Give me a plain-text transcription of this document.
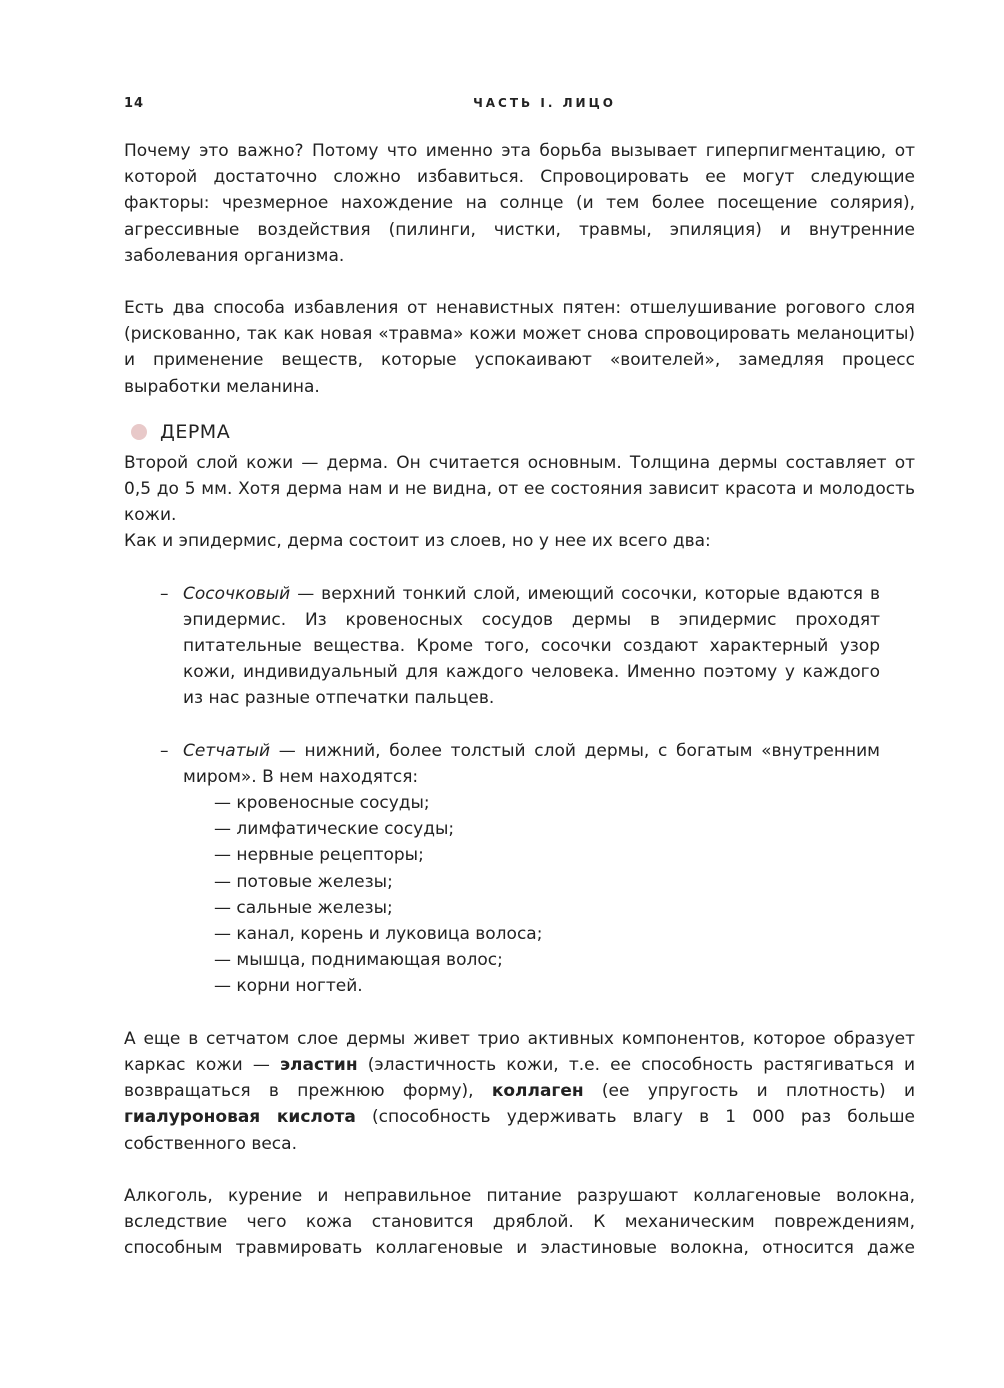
14	ЧАСТЬ I. ЛИЦО

Почему это важно? Потому что именно эта борьба вызывает гиперпигментацию, от которой достаточно сложно избавиться. Спровоцировать ее могут следующие факторы: чрезмерное нахождение на солнце (и тем более посещение солярия), агрессивные воздействия (пилинги, чистки, травмы, эпиляция) и внутренние заболевания организма.

Есть два способа избавления от ненавистных пятен: отшелушивание рогового слоя (рискованно, так как новая «травма» кожи может снова спровоцировать меланоциты) и применение веществ, которые успокаивают «воителей», замедляя процесс выработки меланина.

ДЕРМА

Второй слой кожи — дерма. Он считается основным. Толщина дермы составляет от 0,5 до 5 мм. Хотя дерма нам и не видна, от ее состояния зависит красота и молодость кожи.

Как и эпидермис, дерма состоит из слоев, но у нее их всего два:

– Сосочковый — верхний тонкий слой, имеющий сосочки, которые вдаются в эпидермис. Из кровеносных сосудов дермы в эпидермис проходят питательные вещества. Кроме того, сосочки создают характерный узор кожи, индивидуальный для каждого человека. Именно поэтому у каждого из нас разные отпечатки пальцев.
– Сетчатый — нижний, более толстый слой дермы, с богатым «внутренним миром». В нем находятся:
— кровеносные сосуды;
— лимфатические сосуды;
— нервные рецепторы;
— потовые железы;
— сальные железы;
— канал, корень и луковица волоса;
— мышца, поднимающая волос;
— корни ногтей.

А еще в сетчатом слое дермы живет трио активных компонентов, которое образует каркас кожи — эластин (эластичность кожи, т.е. ее способность растягиваться и возвращаться в прежнюю форму), коллаген (ее упругость и плотность) и гиалуроновая кислота (способность удерживать влагу в 1 000 раз больше собственного веса.

Алкоголь, курение и неправильное питание разрушают коллагеновые волокна, вследствие чего кожа становится дряблой. К механическим повреждениям, способным травмировать коллагеновые и эластиновые волокна, относится даже
